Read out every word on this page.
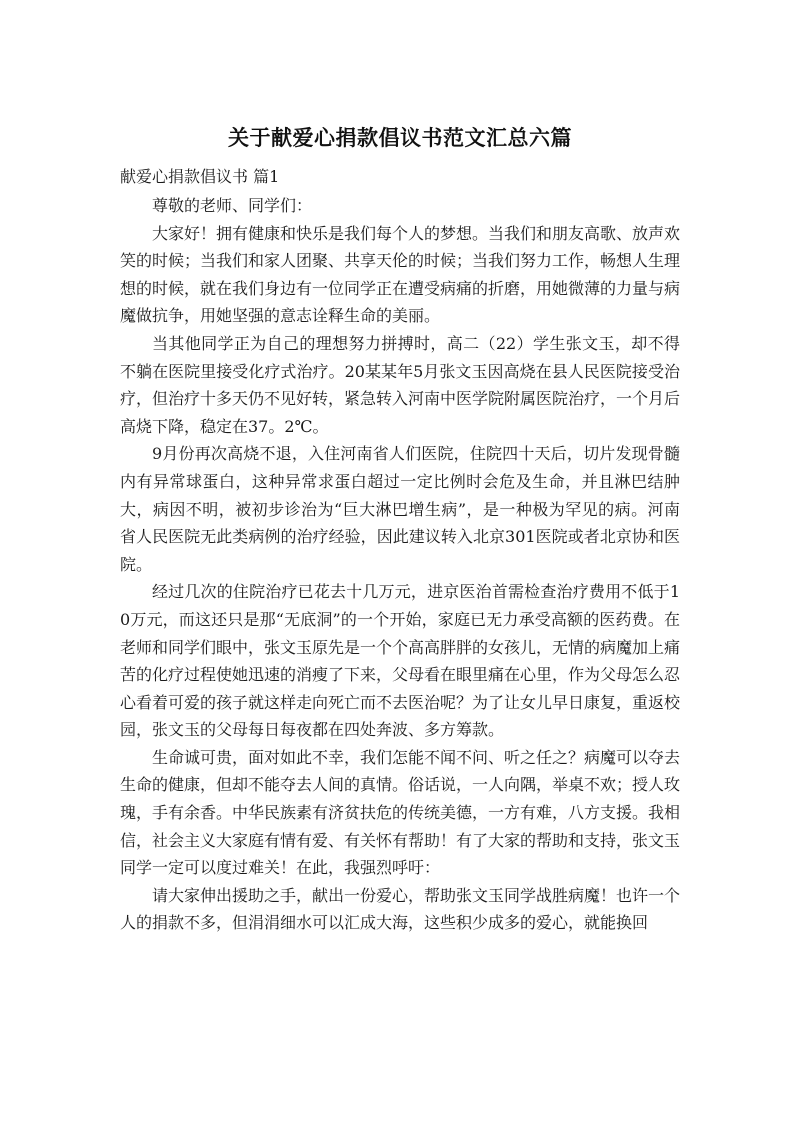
关于献爱心捐款倡议书范文汇总六篇
献爱心捐款倡议书 篇1

尊敬的老师、同学们：

大家好！拥有健康和快乐是我们每个人的梦想。当我们和朋友高歌、放声欢笑的时候；当我们和家人团聚、共享天伦的时候；当我们努力工作，畅想人生理想的时候，就在我们身边有一位同学正在遭受病痛的折磨，用她微薄的力量与病魔做抗争，用她坚强的意志诠释生命的美丽。

当其他同学正为自己的理想努力拼搏时，高二（22）学生张文玉，却不得不躺在医院里接受化疗式治疗。20某某年5月张文玉因高烧在县人民医院接受治疗，但治疗十多天仍不见好转，紧急转入河南中医学院附属医院治疗，一个月后高烧下降，稳定在37。2℃。

9月份再次高烧不退，入住河南省人们医院，住院四十天后，切片发现骨髓内有异常球蛋白，这种异常求蛋白超过一定比例时会危及生命，并且淋巴结肿大，病因不明，被初步诊治为“巨大淋巴增生病”，是一种极为罕见的病。河南省人民医院无此类病例的治疗经验，因此建议转入北京301医院或者北京协和医院。

经过几次的住院治疗已花去十几万元，进京医治首需检查治疗费用不低于10万元，而这还只是那“无底洞”的一个开始，家庭已无力承受高额的医药费。在老师和同学们眼中，张文玉原先是一个个高高胖胖的女孩儿，无情的病魔加上痛苦的化疗过程使她迅速的消瘦了下来，父母看在眼里痛在心里，作为父母怎么忍心看着可爱的孩子就这样走向死亡而不去医治呢？为了让女儿早日康复，重返校园，张文玉的父母每日每夜都在四处奔波、多方筹款。

生命诚可贵，面对如此不幸，我们怎能不闻不问、听之任之？病魔可以夺去生命的健康，但却不能夺去人间的真情。俗话说，一人向隅，举桌不欢；授人玫瑰，手有余香。中华民族素有济贫扶危的传统美德，一方有难，八方支援。我相信，社会主义大家庭有情有爱、有关怀有帮助！有了大家的帮助和支持，张文玉同学一定可以度过难关！在此，我强烈呼吁：

请大家伸出援助之手，献出一份爱心，帮助张文玉同学战胜病魔！也许一个人的捐款不多，但涓涓细水可以汇成大海，这些积少成多的爱心，就能换回
